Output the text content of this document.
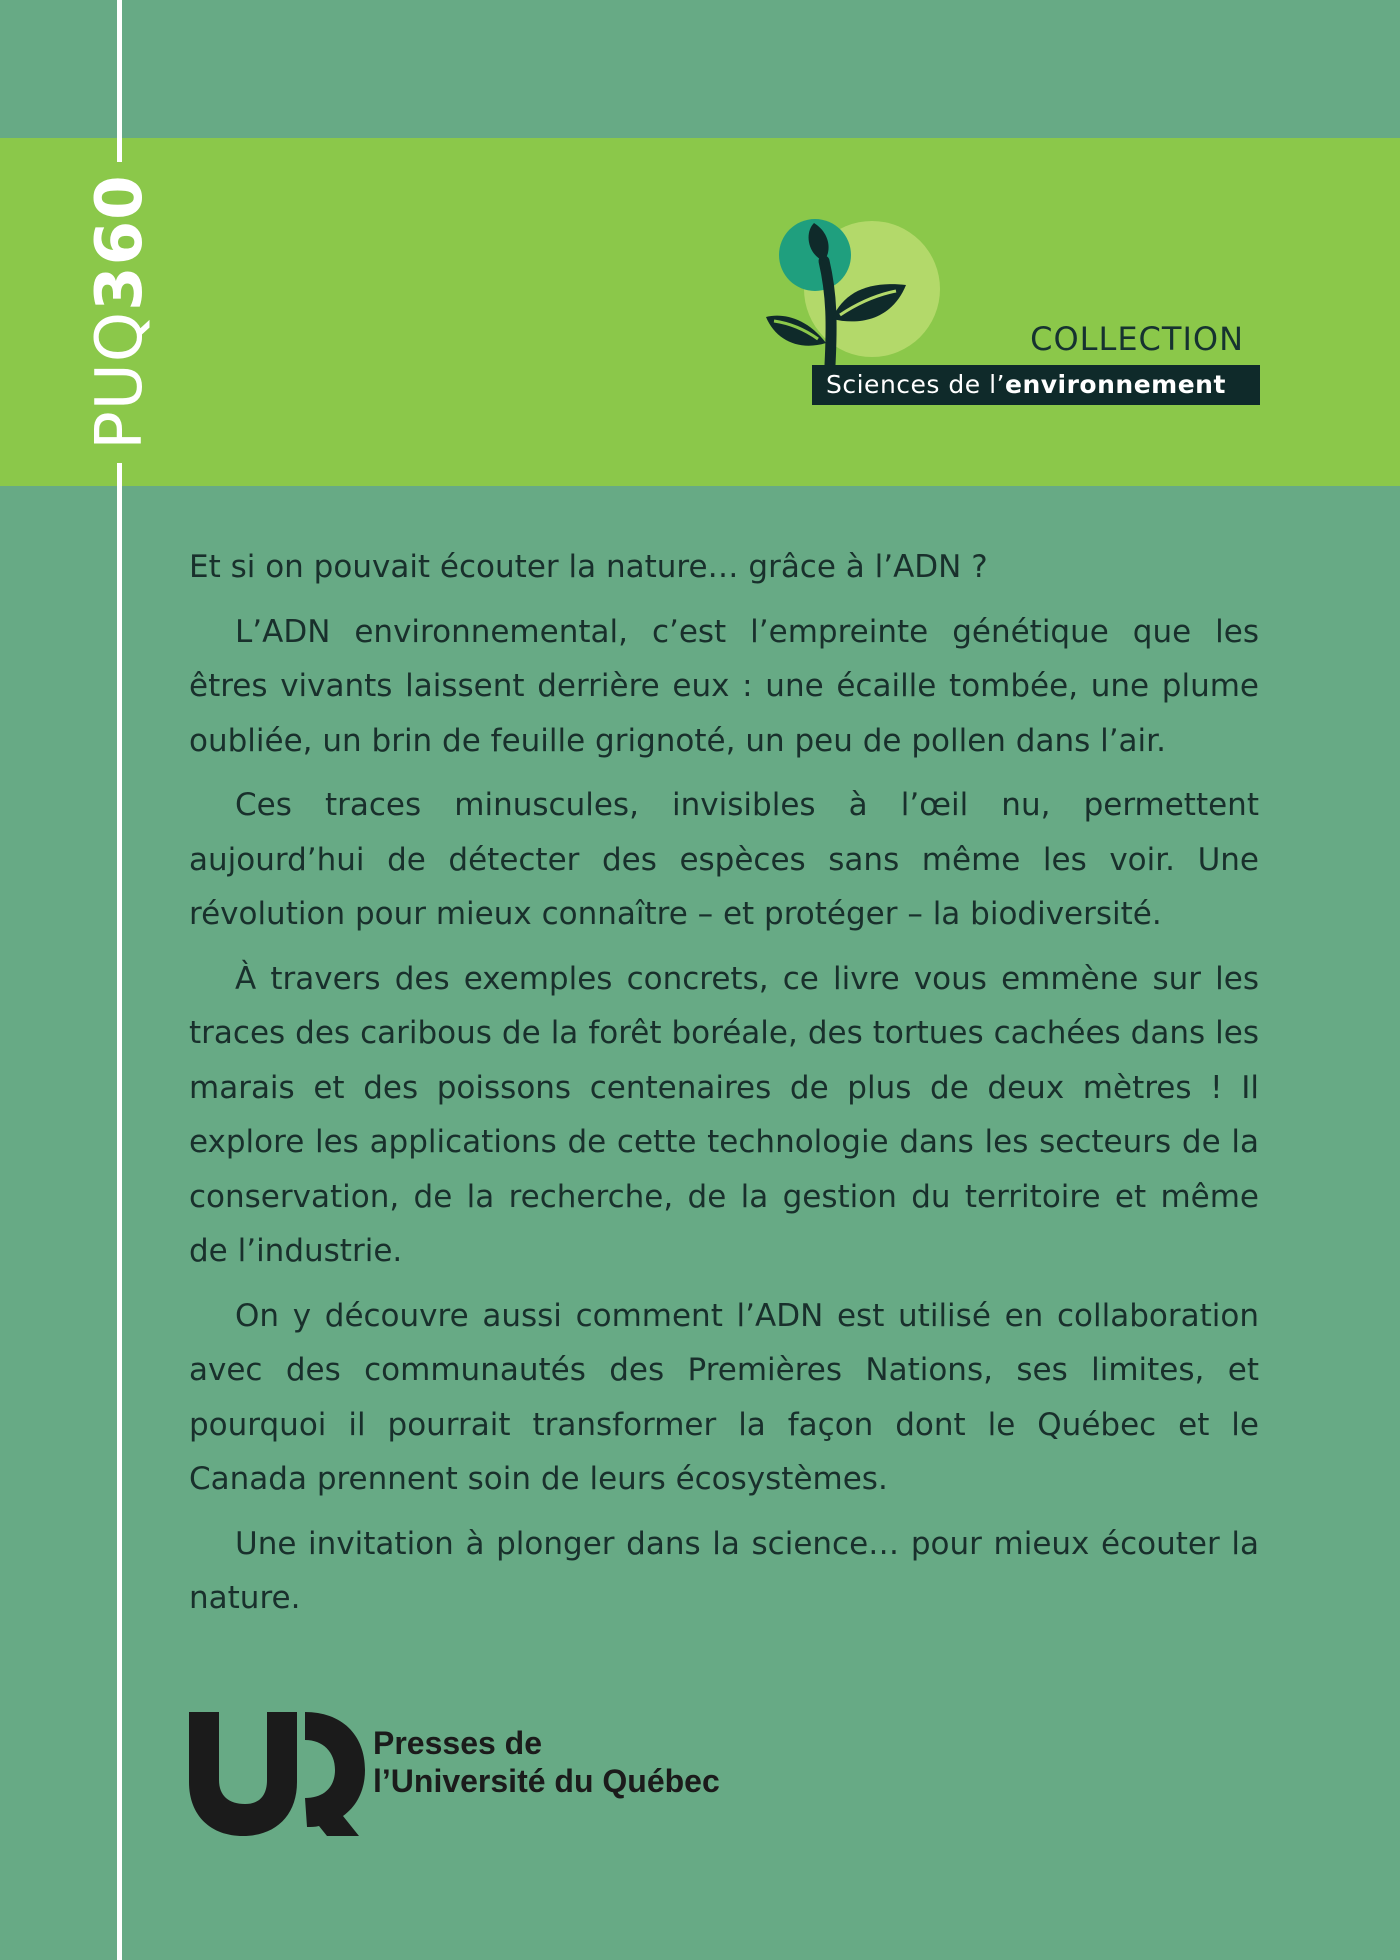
PUQ360
COLLECTION
Sciences de l’environnement

Et si on pouvait écouter la nature… grâce à l’ADN ?

L’ADN environnemental, c’est l’empreinte génétique que les êtres vivants laissent derrière eux : une écaille tombée, une plume oubliée, un brin de feuille grignoté, un peu de pollen dans l’air.

Ces traces minuscules, invisibles à l’œil nu, permettent aujourd’hui de détecter des espèces sans même les voir. Une révolution pour mieux connaître – et protéger – la biodiversité.

À travers des exemples concrets, ce livre vous emmène sur les traces des caribous de la forêt boréale, des tortues cachées dans les marais et des poissons centenaires de plus de deux mètres ! Il explore les applications de cette technologie dans les secteurs de la conservation, de la recherche, de la gestion du territoire et même de l’industrie.

On y découvre aussi comment l’ADN est utilisé en collaboration avec des communautés des Premières Nations, ses limites, et pourquoi il pourrait transformer la façon dont le Québec et le Canada prennent soin de leurs écosystèmes.

Une invitation à plonger dans la science… pour mieux écouter la nature.

Presses de
l’Université du Québec
